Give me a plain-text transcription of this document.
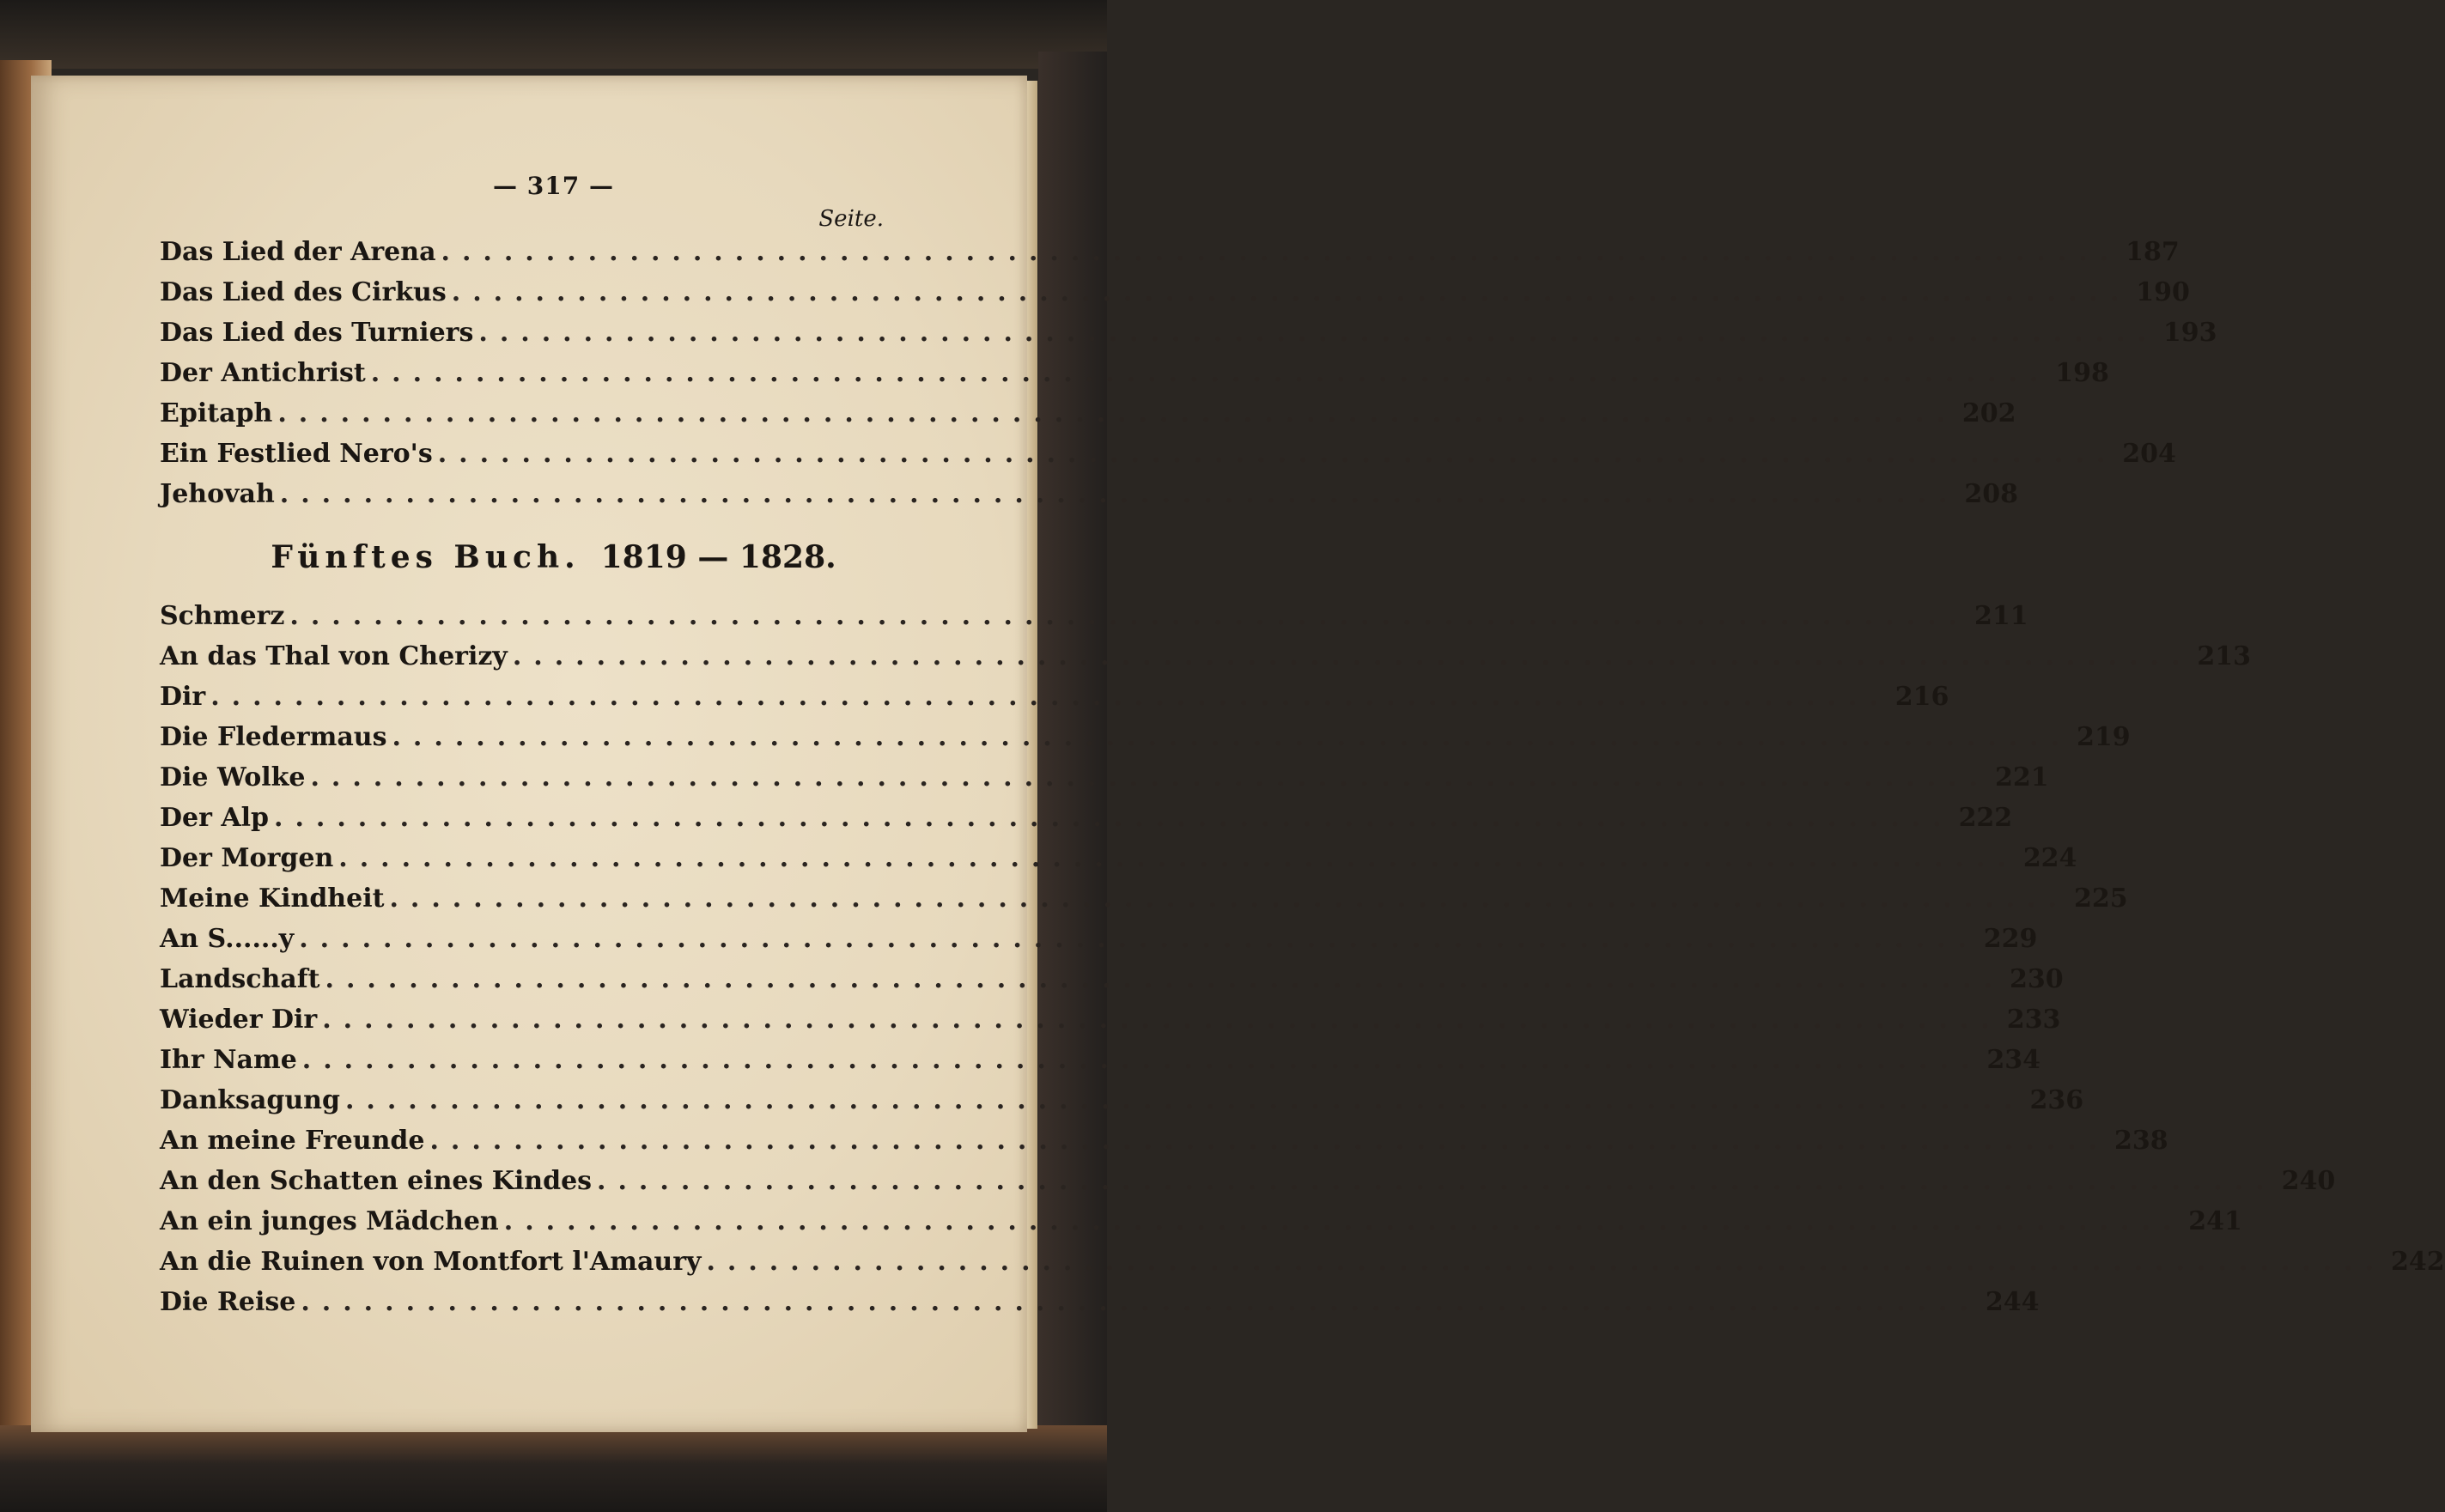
— 317 —
Seite.
Fünftes Buch. 1819 — 1828.
Das Lied der Arena ................................................................................ 187
Das Lied des Cirkus ................................................................................ 190
Das Lied des Turniers ................................................................................ 193
Der Antichrist ................................................................................ 198
Epitaph ................................................................................ 202
Ein Festlied Nero's ................................................................................ 204
Jehovah ................................................................................ 208
Schmerz ................................................................................ 211
An das Thal von Cherizy ................................................................................ 213
Dir ................................................................................ 216
Die Fledermaus ................................................................................ 219
Die Wolke ................................................................................ 221
Der Alp ................................................................................ 222
Der Morgen ................................................................................ 224
Meine Kindheit ................................................................................ 225
An S......y ................................................................................ 229
Landschaft ................................................................................ 230
Wieder Dir ................................................................................ 233
Ihr Name ................................................................................ 234
Danksagung ................................................................................ 236
An meine Freunde ................................................................................ 238
An den Schatten eines Kindes ................................................................................ 240
An ein junges Mädchen ................................................................................ 241
An die Ruinen von Montfort l'Amaury ................................................................................ 242
Die Reise ................................................................................ 244
